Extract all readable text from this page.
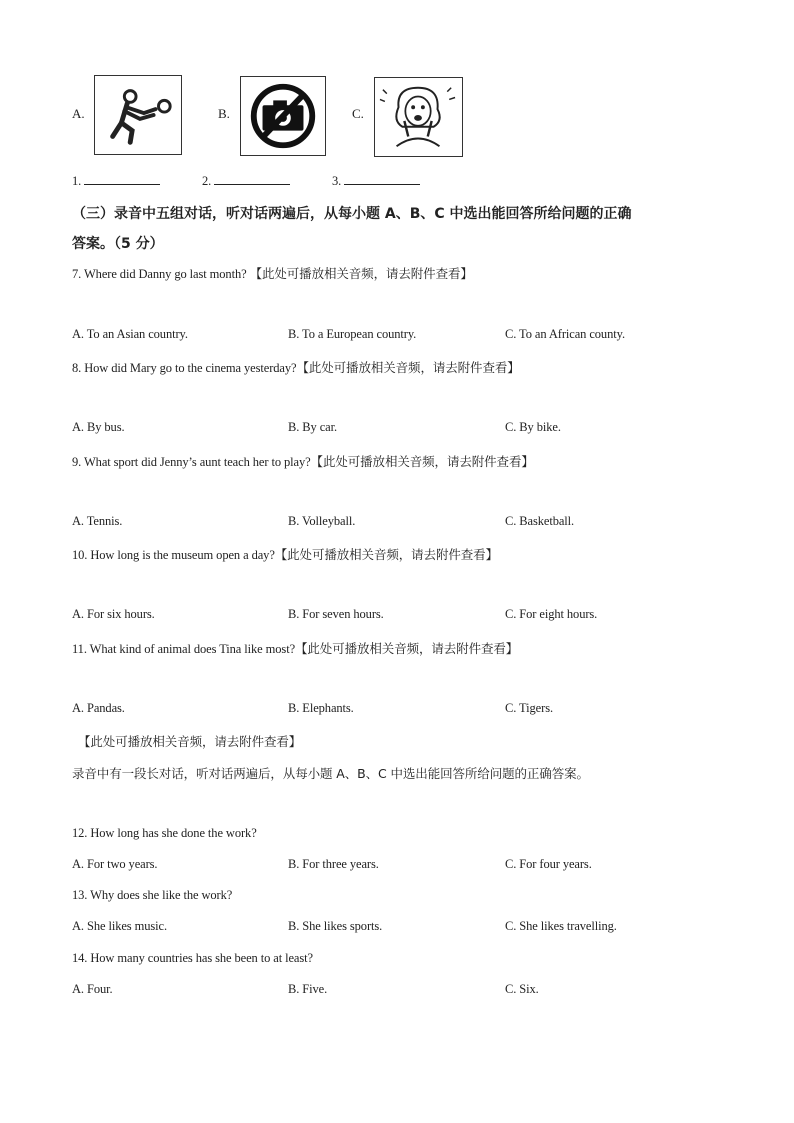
A.	B.	C.
1.	2.	3.
（三）录音中五组对话，听对话两遍后，从每小题 A、B、C 中选出能回答所给问题的正确
答案。（5 分）
7. Where did Danny go last month? 【此处可播放相关音频，请去附件查看】
A. To an Asian country.	B. To a European country.	C. To an African county.
8. How did Mary go to the cinema yesterday?【此处可播放相关音频，请去附件查看】
A. By bus.	B. By car.	C. By bike.
9. What sport did Jenny’s aunt teach her to play?【此处可播放相关音频，请去附件查看】
A. Tennis.	B. Volleyball.	C. Basketball.
10. How long is the museum open a day?【此处可播放相关音频，请去附件查看】
A. For six hours.	B. For seven hours.	C. For eight hours.
11. What kind of animal does Tina like most?【此处可播放相关音频，请去附件查看】
A. Pandas.	B. Elephants.	C. Tigers.
【此处可播放相关音频，请去附件查看】
录音中有一段长对话，听对话两遍后，从每小题 A、B、C 中选出能回答所给问题的正确答案。
12. How long has she done the work?
A. For two years.	B. For three years.	C. For four years.
13. Why does she like the work?
A. She likes music.	B. She likes sports.	C. She likes travelling.
14. How many countries has she been to at least?
A. Four.	B. Five.	C. Six.
